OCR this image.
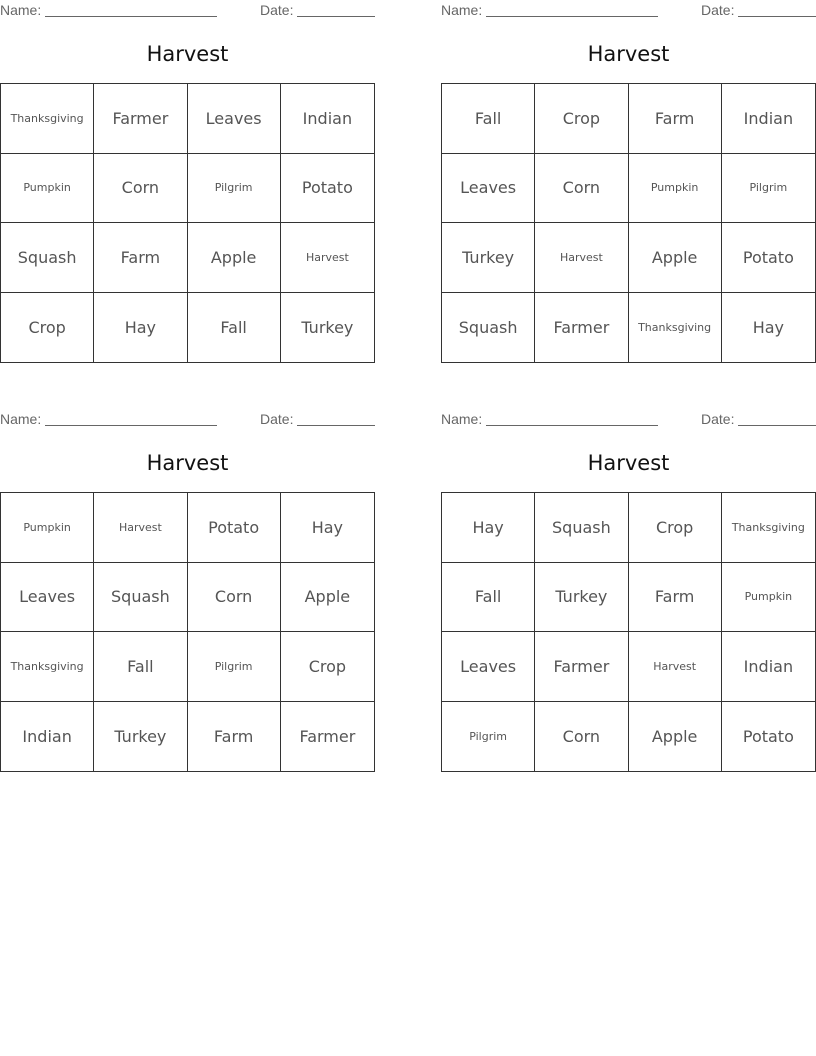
Name:	Date:
Harvest
Thanksgiving	Farmer	Leaves	Indian
Pumpkin	Corn	Pilgrim	Potato
Squash	Farm	Apple	Harvest
Crop	Hay	Fall	Turkey
Name:	Date:
Harvest
Fall	Crop	Farm	Indian
Leaves	Corn	Pumpkin	Pilgrim
Turkey	Harvest	Apple	Potato
Squash	Farmer	Thanksgiving	Hay
Name:	Date:
Harvest
Pumpkin	Harvest	Potato	Hay
Leaves	Squash	Corn	Apple
Thanksgiving	Fall	Pilgrim	Crop
Indian	Turkey	Farm	Farmer
Name:	Date:
Harvest
Hay	Squash	Crop	Thanksgiving
Fall	Turkey	Farm	Pumpkin
Leaves	Farmer	Harvest	Indian
Pilgrim	Corn	Apple	Potato
